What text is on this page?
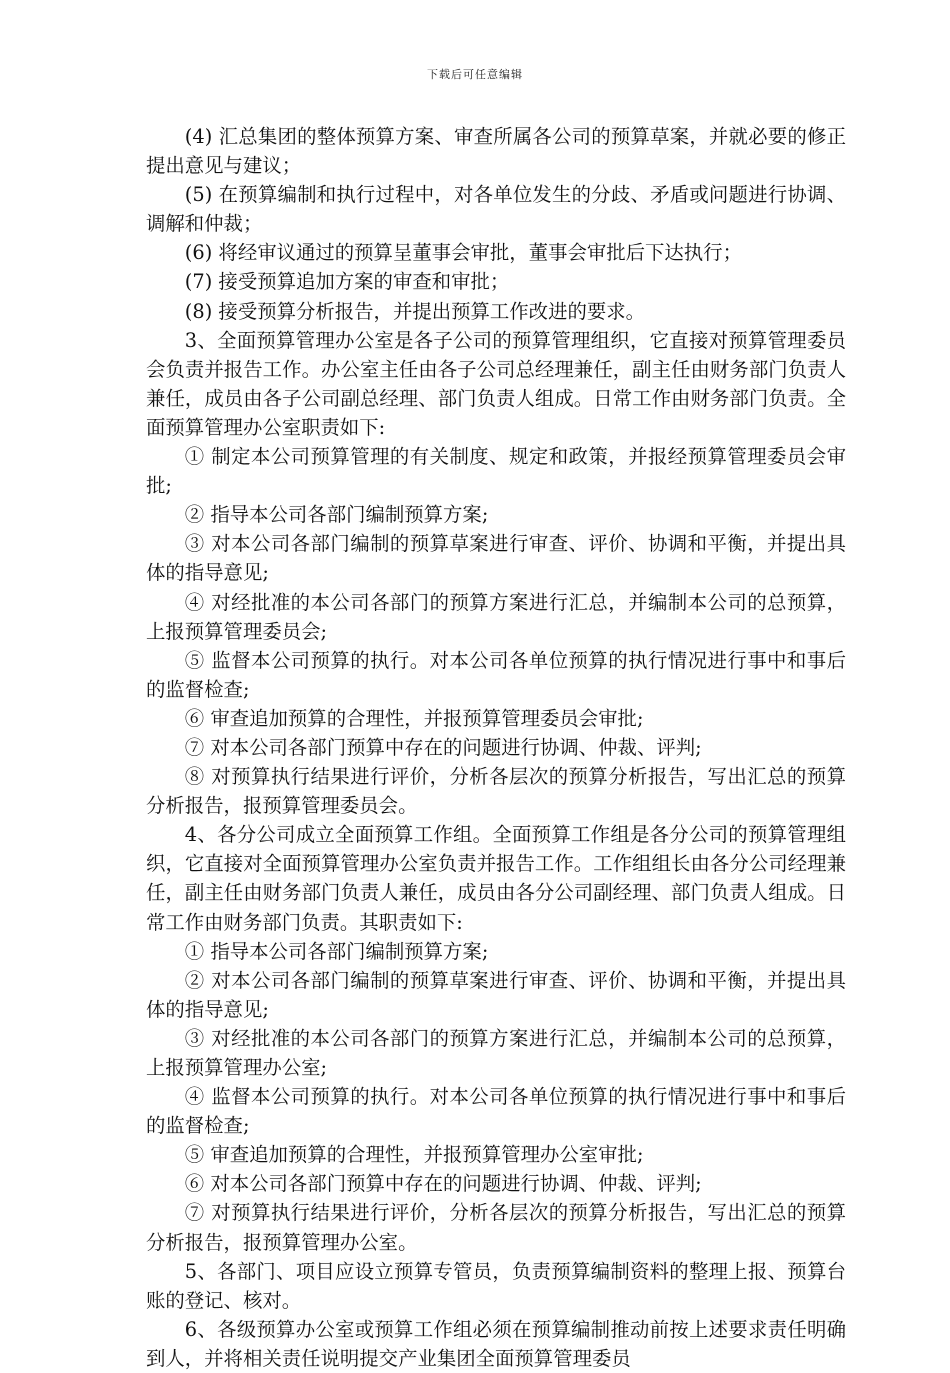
下载后可任意编辑

(4) 汇总集团的整体预算方案、审查所属各公司的预算草案，并就必要的修正提出意见与建议；

(5) 在预算编制和执行过程中，对各单位发生的分歧、矛盾或问题进行协调、调解和仲裁；

(6) 将经审议通过的预算呈董事会审批，董事会审批后下达执行；

(7) 接受预算追加方案的审查和审批；

(8) 接受预算分析报告，并提出预算工作改进的要求。

3、全面预算管理办公室是各子公司的预算管理组织，它直接对预算管理委员会负责并报告工作。办公室主任由各子公司总经理兼任，副主任由财务部门负责人兼任，成员由各子公司副总经理、部门负责人组成。日常工作由财务部门负责。全面预算管理办公室职责如下:

① 制定本公司预算管理的有关制度、规定和政策，并报经预算管理委员会审批;

② 指导本公司各部门编制预算方案;

③ 对本公司各部门编制的预算草案进行审查、评价、协调和平衡，并提出具体的指导意见;

④ 对经批准的本公司各部门的预算方案进行汇总，并编制本公司的总预算，上报预算管理委员会;

⑤ 监督本公司预算的执行。对本公司各单位预算的执行情况进行事中和事后的监督检查;

⑥ 审查追加预算的合理性，并报预算管理委员会审批;

⑦ 对本公司各部门预算中存在的问题进行协调、仲裁、评判;

⑧ 对预算执行结果进行评价，分析各层次的预算分析报告，写出汇总的预算分析报告，报预算管理委员会。

4、各分公司成立全面预算工作组。全面预算工作组是各分公司的预算管理组织，它直接对全面预算管理办公室负责并报告工作。工作组组长由各分公司经理兼任，副主任由财务部门负责人兼任，成员由各分公司副经理、部门负责人组成。日常工作由财务部门负责。其职责如下:

① 指导本公司各部门编制预算方案;

② 对本公司各部门编制的预算草案进行审查、评价、协调和平衡，并提出具体的指导意见;

③ 对经批准的本公司各部门的预算方案进行汇总，并编制本公司的总预算，上报预算管理办公室;

④ 监督本公司预算的执行。对本公司各单位预算的执行情况进行事中和事后的监督检查;

⑤ 审查追加预算的合理性，并报预算管理办公室审批;

⑥ 对本公司各部门预算中存在的问题进行协调、仲裁、评判;

⑦ 对预算执行结果进行评价，分析各层次的预算分析报告，写出汇总的预算分析报告，报预算管理办公室。

5、各部门、项目应设立预算专管员，负责预算编制资料的整理上报、预算台账的登记、核对。

6、各级预算办公室或预算工作组必须在预算编制推动前按上述要求责任明确到人，并将相关责任说明提交产业集团全面预算管理委员
